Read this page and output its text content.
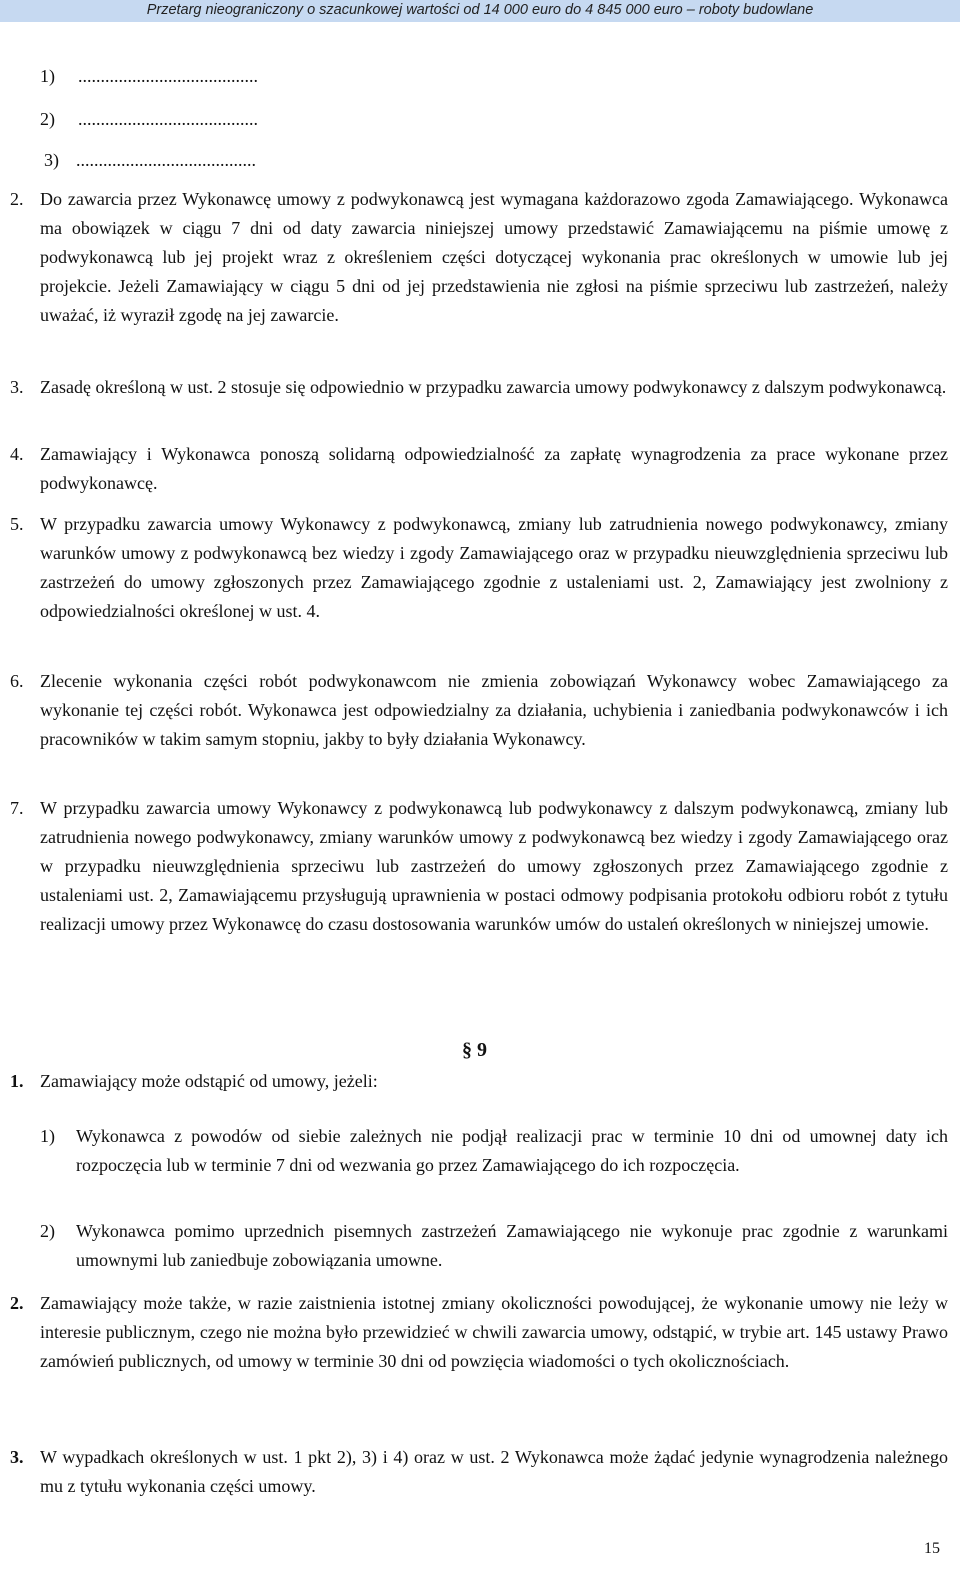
Przetarg nieograniczony o szacunkowej wartości od 14 000 euro do 4 845 000 euro – roboty budowlane
1) ........................................
2) ........................................
3) ........................................
2. Do zawarcia przez Wykonawcę umowy z podwykonawcą jest wymagana każdorazowo zgoda Zamawiającego. Wykonawca ma obowiązek w ciągu 7 dni od daty zawarcia niniejszej umowy przedstawić Zamawiającemu na piśmie umowę z podwykonawcą lub jej projekt wraz z określeniem części dotyczącej wykonania prac określonych w umowie lub jej projekcie. Jeżeli Zamawiający w ciągu 5 dni od jej przedstawienia nie zgłosi na piśmie sprzeciwu lub zastrzeżeń, należy uważać, iż wyraził zgodę na jej zawarcie.
3. Zasadę określoną w ust. 2 stosuje się odpowiednio w przypadku zawarcia umowy podwykonawcy z dalszym podwykonawcą.
4. Zamawiający i Wykonawca ponoszą solidarną odpowiedzialność za zapłatę wynagrodzenia za prace wykonane przez podwykonawcę.
5. W przypadku zawarcia umowy Wykonawcy z podwykonawcą, zmiany lub zatrudnienia nowego podwykonawcy, zmiany warunków umowy z podwykonawcą bez wiedzy i zgody Zamawiającego oraz w przypadku nieuwzględnienia sprzeciwu lub zastrzeżeń do umowy zgłoszonych przez Zamawiającego zgodnie z ustaleniami ust. 2, Zamawiający jest zwolniony z odpowiedzialności określonej w ust. 4.
6. Zlecenie wykonania części robót podwykonawcom nie zmienia zobowiązań Wykonawcy wobec Zamawiającego za wykonanie tej części robót. Wykonawca jest odpowiedzialny za działania, uchybienia i zaniedbania podwykonawców i ich pracowników w takim samym stopniu, jakby to były działania Wykonawcy.
7. W przypadku zawarcia umowy Wykonawcy z podwykonawcą lub podwykonawcy z dalszym podwykonawcą, zmiany lub zatrudnienia nowego podwykonawcy, zmiany warunków umowy z podwykonawcą bez wiedzy i zgody Zamawiającego oraz w przypadku nieuwzględnienia sprzeciwu lub zastrzeżeń do umowy zgłoszonych przez Zamawiającego zgodnie z ustaleniami ust. 2, Zamawiającemu przysługują uprawnienia w postaci odmowy podpisania protokołu odbioru robót z tytułu realizacji umowy przez Wykonawcę do czasu dostosowania warunków umów do ustaleń określonych w niniejszej umowie.
§ 9
1. Zamawiający może odstąpić od umowy, jeżeli:
1) Wykonawca z powodów od siebie zależnych nie podjął realizacji prac w terminie 10 dni od umownej daty ich rozpoczęcia lub w terminie 7 dni od wezwania go przez Zamawiającego do ich rozpoczęcia.
2) Wykonawca pomimo uprzednich pisemnych zastrzeżeń Zamawiającego nie wykonuje prac zgodnie z warunkami umownymi lub zaniedbuje zobowiązania umowne.
2. Zamawiający może także, w razie zaistnienia istotnej zmiany okoliczności powodującej, że wykonanie umowy nie leży w interesie publicznym, czego nie można było przewidzieć w chwili zawarcia umowy, odstąpić, w trybie art. 145 ustawy Prawo zamówień publicznych, od umowy w terminie 30 dni od powzięcia wiadomości o tych okolicznościach.
3. W wypadkach określonych w ust. 1 pkt 2), 3) i 4) oraz w ust. 2 Wykonawca może żądać jedynie wynagrodzenia należnego mu z tytułu wykonania części umowy.
15
